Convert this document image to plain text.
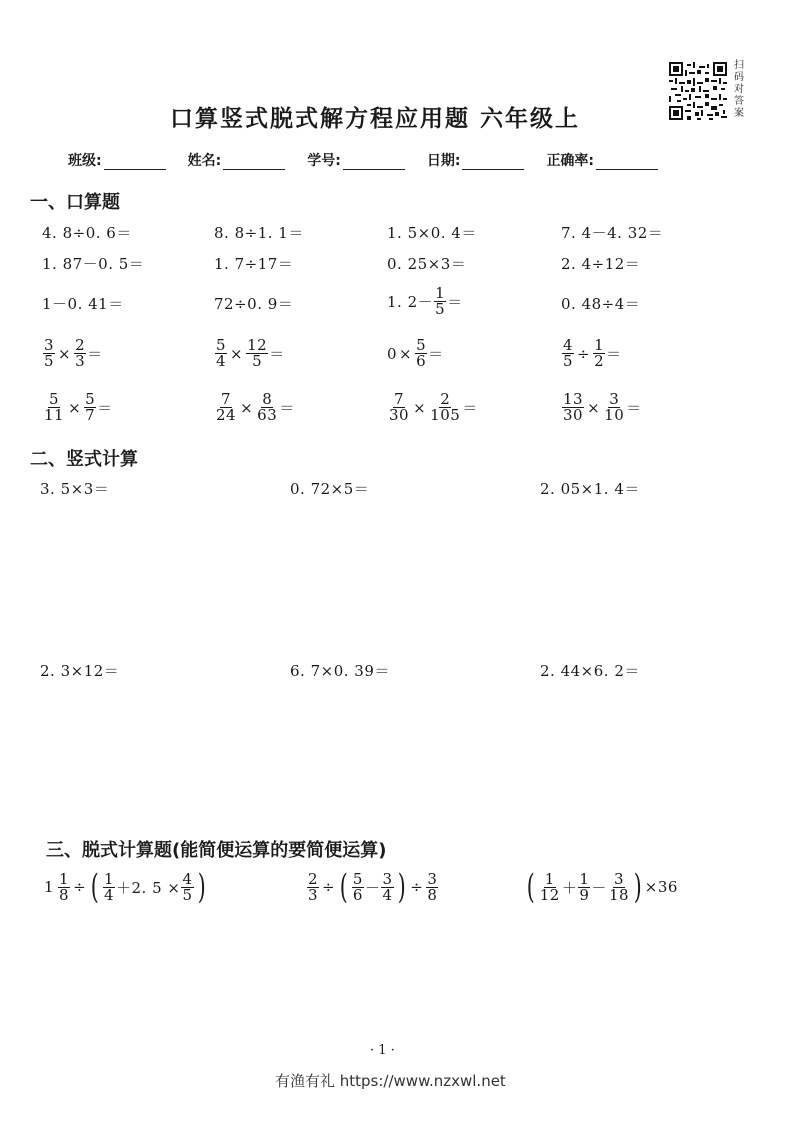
口算竖式脱式解方程应用题 六年级上
扫
码
对
答
案
班级:	姓名:	学号:	日期:	正确率:
一、口算题
4. 8÷0. 6＝	8. 8÷1. 1＝	1. 5×0. 4＝	7. 4－4. 32＝
1. 87－0. 5＝	1. 7÷17＝	0. 25×3＝	2. 4÷12＝
1－0. 41＝	72÷0. 9＝	1. $2- \frac{1}{5}$ ＝	0. 48÷4＝
$\frac{3}{5} \times \frac{2}{3}$ ＝	$\frac{5}{4} \times \frac{12}{5}$ ＝	$0 \times \frac{5}{6}$ ＝	$\frac{4}{5} \div \frac{1}{2}$ ＝
$\frac{5}{11} \times \frac{5}{7}$ ＝	$\frac{7}{24} \times \frac{8}{63}$ ＝	$\frac{7}{30} \times \frac{2}{105}$ ＝	$\frac{13}{30} \times \frac{3}{10}$ ＝
二、竖式计算
3. 5×3＝	0. 72×5＝	2. 05×1. 4＝
2. 3×12＝	6. 7×0. 39＝	2. 44×6. 2＝
三、脱式计算题(能简便运算的要简便运算)
$1 \frac{1}{8}$ ÷ ( $\frac{1}{4} +2$. $5 \times \frac{4}{5}$ )	$\frac{2}{3}$ ÷ ( $\frac{5}{6} - \frac{3}{4}$ ) ÷ $\frac{3}{8}$	( $\frac{1}{12} + \frac{1}{9} - \frac{3}{18}$ ) ×36
· 1 ·
有渔有礼 https://www.nzxwl.net
